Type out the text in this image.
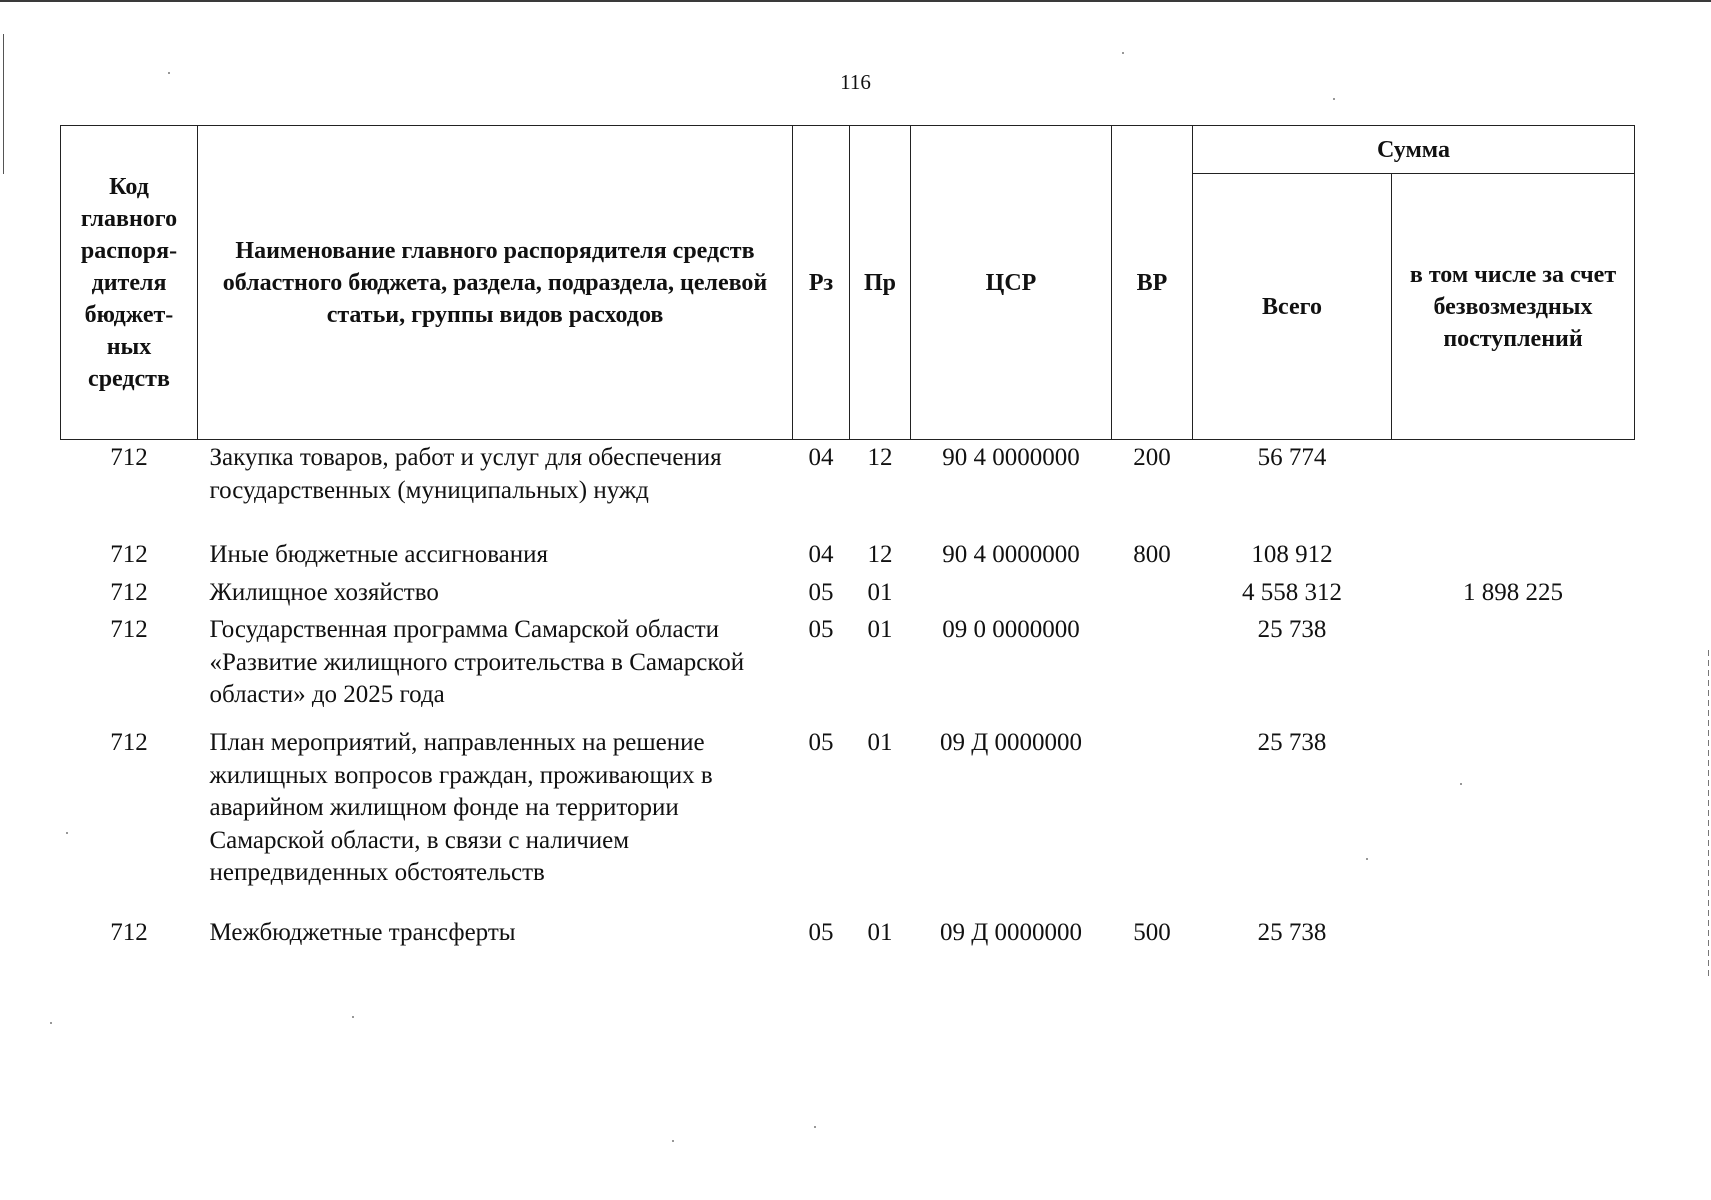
116
Код главного распоря-дителя бюджет-ных средств	Наименование главного распорядителя средств областного бюджета, раздела, подраздела, целевой статьи, группы видов расходов	Рз	Пр	ЦСР	ВР	Сумма	
						Всего	в том числе за счет безвозмездных поступлений
712	Закупка товаров, работ и услуг для обеспечения государственных (муниципальных) нужд	04	12	90 4 0000000	200	56 774	
712	Иные бюджетные ассигнования	04	12	90 4 0000000	800	108 912	
712	Жилищное хозяйство	05	01			4 558 312	1 898 225
712	Государственная программа Самарской области «Развитие жилищного строительства в Самарской области» до 2025 года	05	01	09 0 0000000		25 738	
712	План мероприятий, направленных на решение жилищных вопросов граждан, проживающих в аварийном жилищном фонде на территории Самарской области, в связи с наличием непредвиденных обстоятельств	05	01	09 Д 0000000		25 738	
712	Межбюджетные трансферты	05	01	09 Д 0000000	500	25 738	
